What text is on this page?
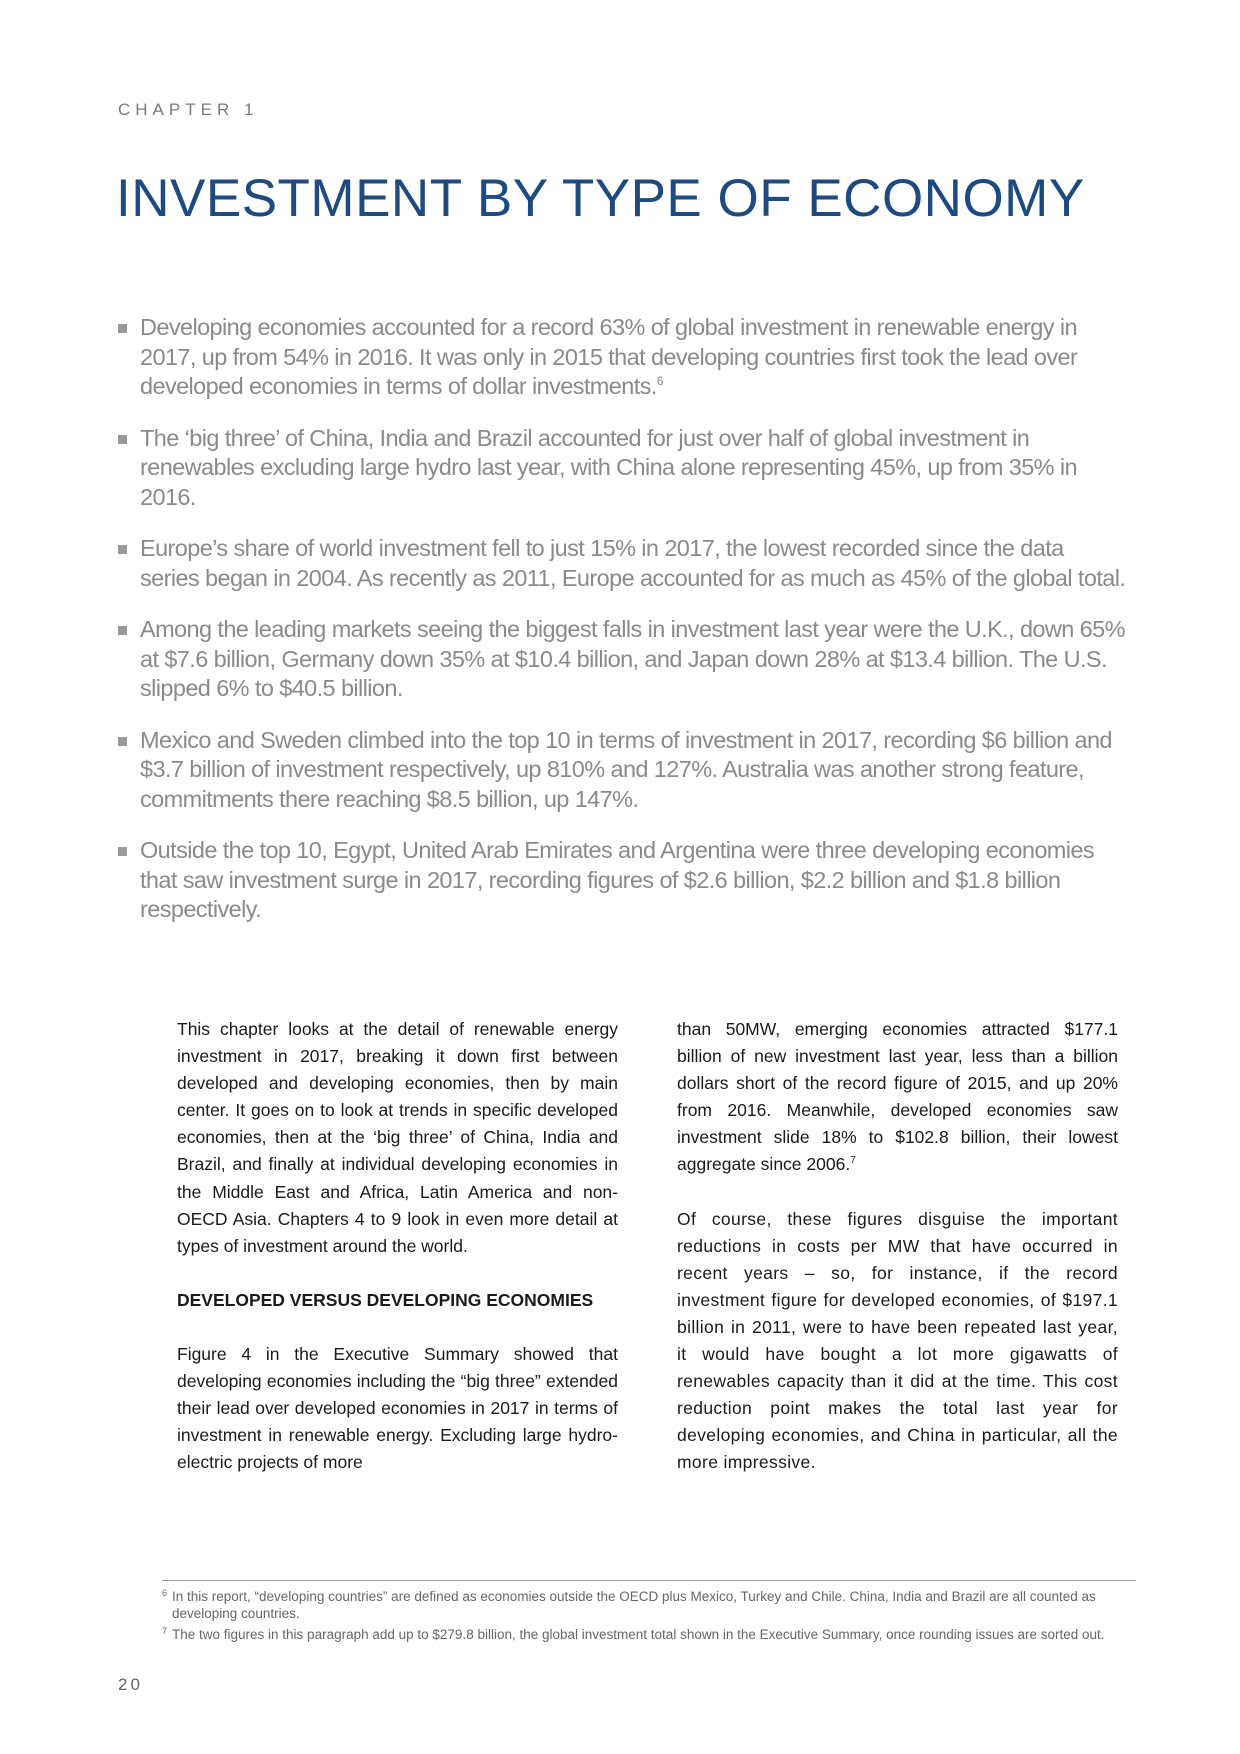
CHAPTER 1
INVESTMENT BY TYPE OF ECONOMY
Developing economies accounted for a record 63% of global investment in renewable energy in 2017, up from 54% in 2016. It was only in 2015 that developing countries first took the lead over developed economies in terms of dollar investments.$^6$
The ‘big three’ of China, India and Brazil accounted for just over half of global investment in renewables excluding large hydro last year, with China alone representing 45%, up from 35% in 2016.
Europe’s share of world investment fell to just 15% in 2017, the lowest recorded since the data series began in 2004. As recently as 2011, Europe accounted for as much as 45% of the global total.
Among the leading markets seeing the biggest falls in investment last year were the U.K., down 65% at $7.6 billion, Germany down 35% at $10.4 billion, and Japan down 28% at $13.4 billion. The U.S. slipped 6% to $40.5 billion.
Mexico and Sweden climbed into the top 10 in terms of investment in 2017, recording $6 billion and $3.7 billion of investment respectively, up 810% and 127%. Australia was another strong feature, commitments there reaching $8.5 billion, up 147%.
Outside the top 10, Egypt, United Arab Emirates and Argentina were three developing economies that saw investment surge in 2017, recording figures of $2.6 billion, $2.2 billion and $1.8 billion respectively.

This chapter looks at the detail of renewable energy investment in 2017, breaking it down first between developed and developing economies, then by main center. It goes on to look at trends in specific developed economies, then at the ‘big three’ of China, India and Brazil, and finally at individual developing economies in the Middle East and Africa, Latin America and non-OECD Asia. Chapters 4 to 9 look in even more detail at types of investment around the world.

DEVELOPED VERSUS DEVELOPING ECONOMIES

Figure 4 in the Executive Summary showed that developing economies including the “big three” extended their lead over developed economies in 2017 in terms of investment in renewable energy. Excluding large hydro-electric projects of more

than 50MW, emerging economies attracted $177.1 billion of new investment last year, less than a billion dollars short of the record figure of 2015, and up 20% from 2016. Meanwhile, developed economies saw investment slide 18% to $102.8 billion, their lowest aggregate since 2006.$^7$

Of course, these figures disguise the important reductions in costs per MW that have occurred in recent years – so, for instance, if the record investment figure for developed economies, of $197.1 billion in 2011, were to have been repeated last year, it would have bought a lot more gigawatts of renewables capacity than it did at the time. This cost reduction point makes the total last year for developing economies, and China in particular, all the more impressive.

6 In this report, “developing countries” are defined as economies outside the OECD plus Mexico, Turkey and Chile. China, India and Brazil are all counted as developing countries.
7 The two figures in this paragraph add up to $279.8 billion, the global investment total shown in the Executive Summary, once rounding issues are sorted out.
20
